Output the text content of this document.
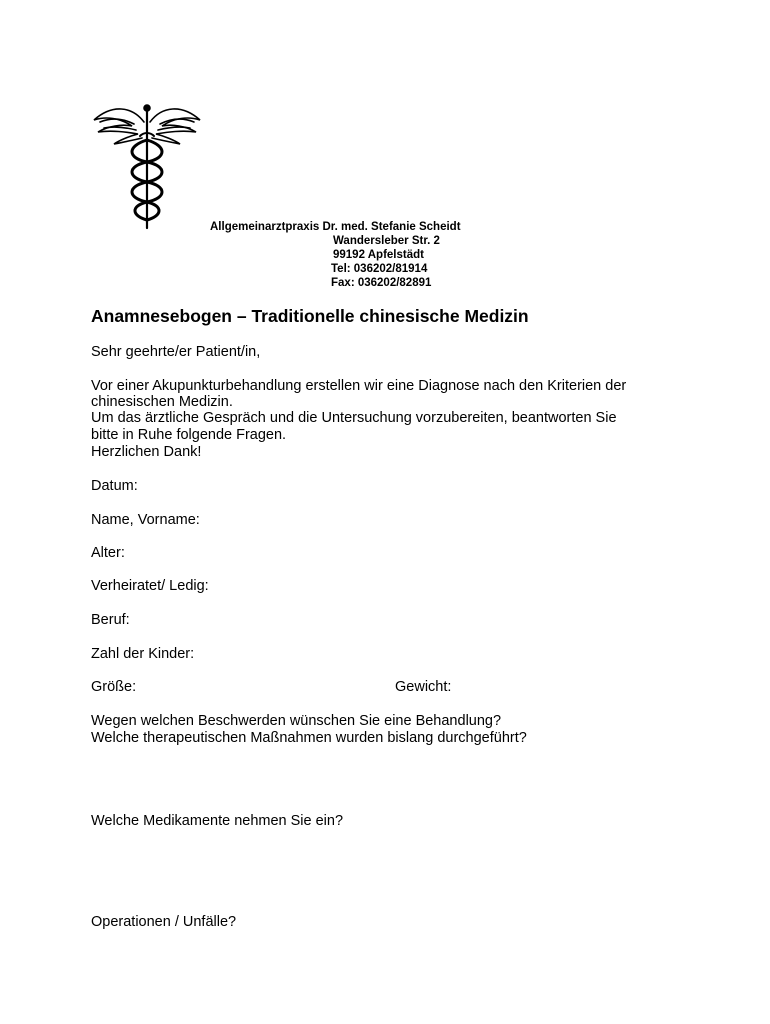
Allgemeinarztpraxis Dr. med. Stefanie Scheidt
Wandersleber Str. 2
99192 Apfelstädt
Tel: 036202/81914
Fax: 036202/82891
Anamnesebogen – Traditionelle chinesische Medizin
Sehr geehrte/er Patient/in,
Vor einer Akupunkturbehandlung erstellen wir eine Diagnose nach den Kriterien der
chinesischen Medizin.
Um das ärztliche Gespräch und die Untersuchung vorzubereiten, beantworten Sie
bitte in Ruhe folgende Fragen.
Herzlichen Dank!
Datum:
Name, Vorname:
Alter:
Verheiratet/ Ledig:
Beruf:
Zahl der Kinder:
Größe:	Gewicht:
Wegen welchen Beschwerden wünschen Sie eine Behandlung?
Welche therapeutischen Maßnahmen wurden bislang durchgeführt?
Welche Medikamente nehmen Sie ein?
Operationen / Unfälle?
